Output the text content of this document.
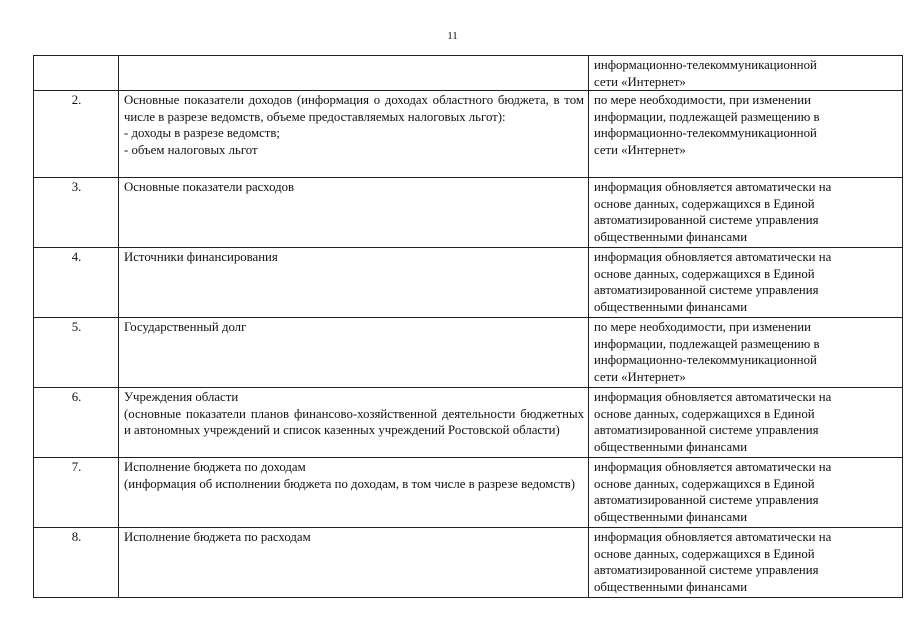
11

		информационно-телекоммуникационной
сети «Интернет»

2.	Основные показатели доходов (информация о доходах областного бюджета, в том числе в разрезе ведомств, объеме предоставляемых налоговых льгот):
- доходы в разрезе ведомств;
- объем налоговых льгот	по мере необходимости, при изменении
информации, подлежащей размещению в
информационно-телекоммуникационной
сети «Интернет»

3.	Основные показатели расходов	информация обновляется автоматически на
основе данных, содержащихся в Единой
автоматизированной системе управления
общественными финансами

4.	Источники финансирования	информация обновляется автоматически на
основе данных, содержащихся в Единой
автоматизированной системе управления
общественными финансами

5.	Государственный долг	по мере необходимости, при изменении
информации, подлежащей размещению в
информационно-телекоммуникационной
сети «Интернет»

6.	Учреждения области
(основные показатели планов финансово-хозяйственной деятельности бюджетных и автономных учреждений и список казенных учреждений Ростовской области)	информация обновляется автоматически на
основе данных, содержащихся в Единой
автоматизированной системе управления
общественными финансами

7.	Исполнение бюджета по доходам
(информация об исполнении бюджета по доходам, в том числе в разрезе ведомств)	информация обновляется автоматически на
основе данных, содержащихся в Единой
автоматизированной системе управления
общественными финансами

8.	Исполнение бюджета по расходам	информация обновляется автоматически на
основе данных, содержащихся в Единой
автоматизированной системе управления
общественными финансами
